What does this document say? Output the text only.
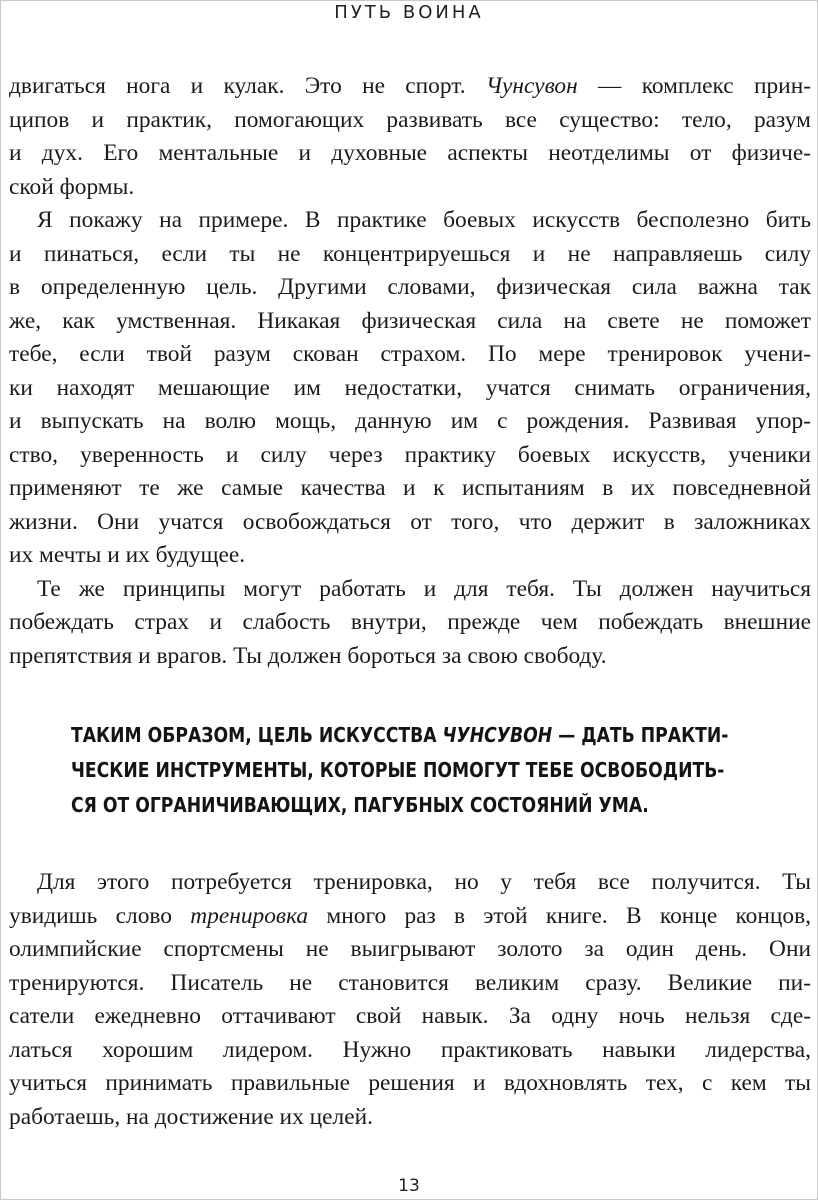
ПУТЬ ВОИНА
двигаться нога и кулак. Это не спорт. Чунсувон — комплекс прин-
ципов и практик, помогающих развивать все существо: тело, разум
и дух. Его ментальные и духовные аспекты неотделимы от физиче-
ской формы.
Я покажу на примере. В практике боевых искусств бесполезно бить
и пинаться, если ты не концентрируешься и не направляешь силу
в определенную цель. Другими словами, физическая сила важна так
же, как умственная. Никакая физическая сила на свете не поможет
тебе, если твой разум скован страхом. По мере тренировок учени-
ки находят мешающие им недостатки, учатся снимать ограничения,
и выпускать на волю мощь, данную им с рождения. Развивая упор-
ство, уверенность и силу через практику боевых искусств, ученики
применяют те же самые качества и к испытаниям в их повседневной
жизни. Они учатся освобождаться от того, что держит в заложниках
их мечты и их будущее.
Те же принципы могут работать и для тебя. Ты должен научиться
побеждать страх и слабость внутри, прежде чем побеждать внешние
препятствия и врагов. Ты должен бороться за свою свободу.
ТАКИМ ОБРАЗОМ, ЦЕЛЬ ИСКУССТВА ЧУНСУВОН — ДАТЬ ПРАКТИ-
ЧЕСКИЕ ИНСТРУМЕНТЫ, КОТОРЫЕ ПОМОГУТ ТЕБЕ ОСВОБОДИТЬ-
СЯ ОТ ОГРАНИЧИВАЮЩИХ, ПАГУБНЫХ СОСТОЯНИЙ УМА.
Для этого потребуется тренировка, но у тебя все получится. Ты
увидишь слово тренировка много раз в этой книге. В конце концов,
олимпийские спортсмены не выигрывают золото за один день. Они
тренируются. Писатель не становится великим сразу. Великие пи-
сатели ежедневно оттачивают свой навык. За одну ночь нельзя сде-
латься хорошим лидером. Нужно практиковать навыки лидерства,
учиться принимать правильные решения и вдохновлять тех, с кем ты
работаешь, на достижение их целей.
13
